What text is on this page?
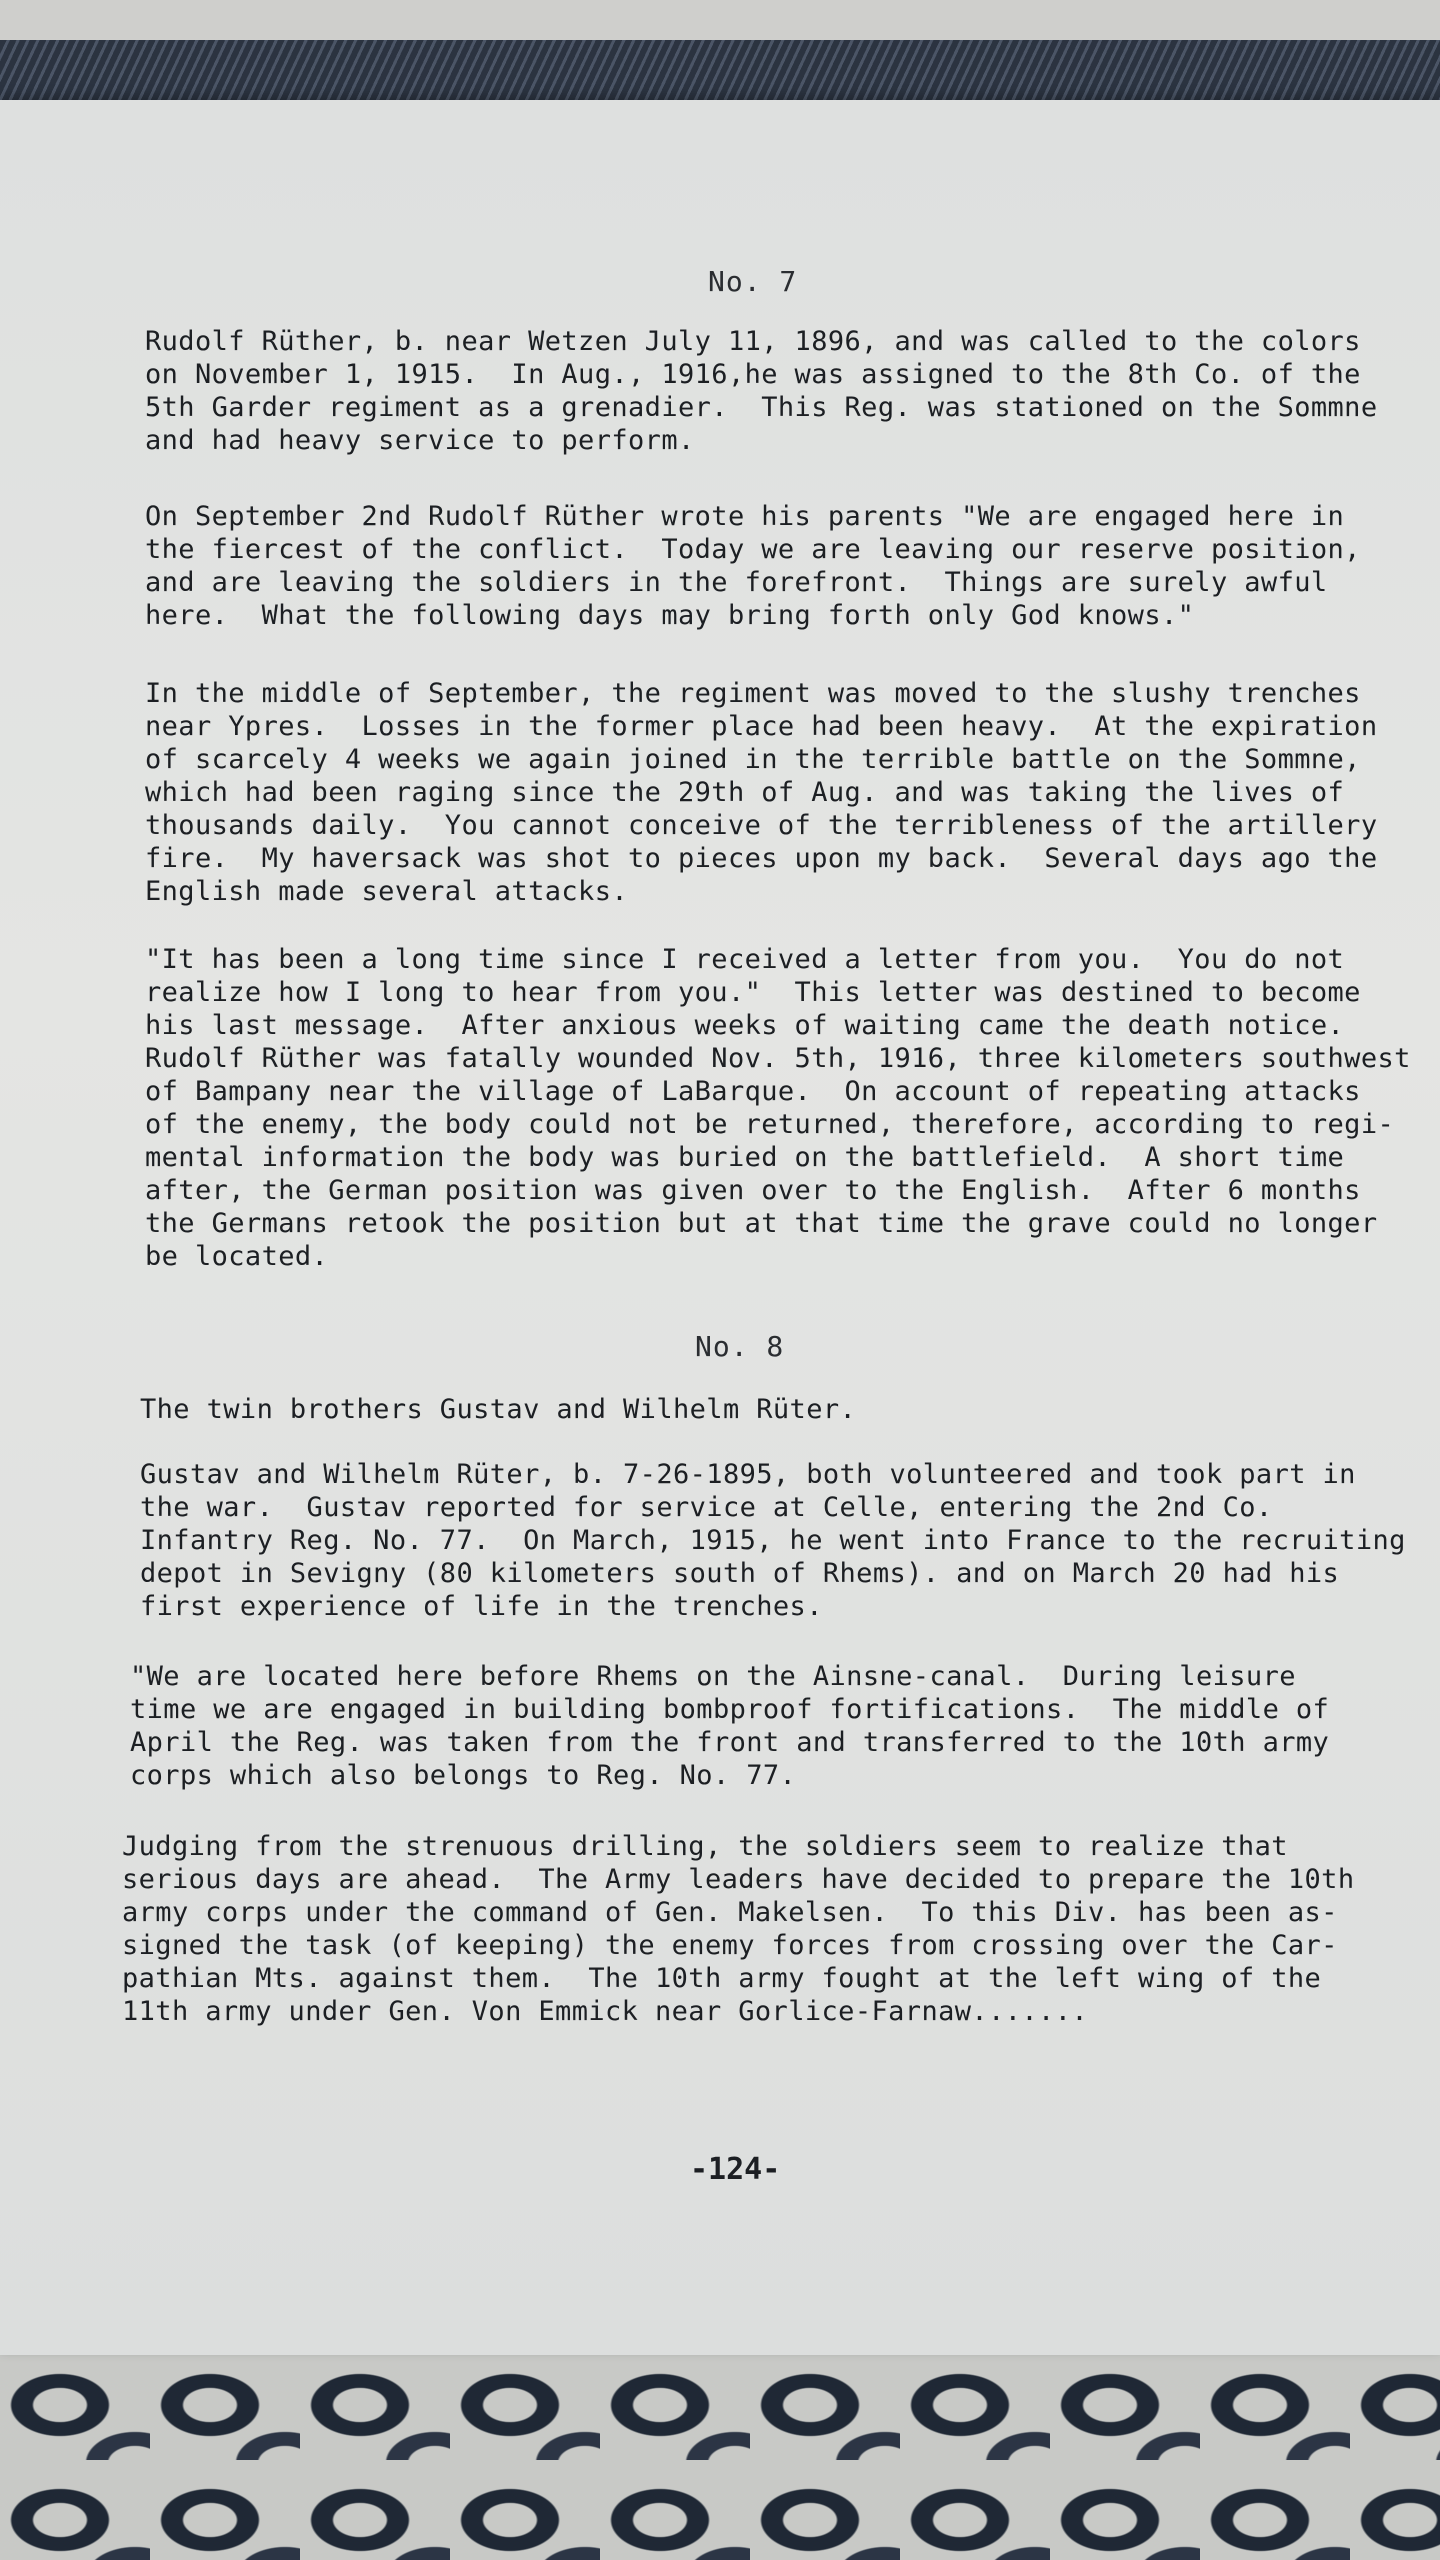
No. 7
Rudolf Rüther, b. near Wetzen July 11, 1896, and was called to the colors
on November 1, 1915.  In Aug., 1916,he was assigned to the 8th Co. of the
5th Garder regiment as a grenadier.  This Reg. was stationed on the Sommne
and had heavy service to perform.
On September 2nd Rudolf Rüther wrote his parents "We are engaged here in
the fiercest of the conflict.  Today we are leaving our reserve position,
and are leaving the soldiers in the forefront.  Things are surely awful
here.  What the following days may bring forth only God knows."
In the middle of September, the regiment was moved to the slushy trenches
near Ypres.  Losses in the former place had been heavy.  At the expiration
of scarcely 4 weeks we again joined in the terrible battle on the Sommne,
which had been raging since the 29th of Aug. and was taking the lives of
thousands daily.  You cannot conceive of the terribleness of the artillery
fire.  My haversack was shot to pieces upon my back.  Several days ago the
English made several attacks.
"It has been a long time since I received a letter from you.  You do not
realize how I long to hear from you."  This letter was destined to become
his last message.  After anxious weeks of waiting came the death notice.
Rudolf Rüther was fatally wounded Nov. 5th, 1916, three kilometers southwest
of Bampany near the village of LaBarque.  On account of repeating attacks
of the enemy, the body could not be returned, therefore, according to regi-
mental information the body was buried on the battlefield.  A short time
after, the German position was given over to the English.  After 6 months
the Germans retook the position but at that time the grave could no longer
be located.
No. 8
The twin brothers Gustav and Wilhelm Rüter.
Gustav and Wilhelm Rüter, b. 7-26-1895, both volunteered and took part in
the war.  Gustav reported for service at Celle, entering the 2nd Co.
Infantry Reg. No. 77.  On March, 1915, he went into France to the recruiting
depot in Sevigny (80 kilometers south of Rhems). and on March 20 had his
first experience of life in the trenches.
"We are located here before Rhems on the Ainsne-canal.  During leisure
time we are engaged in building bombproof fortifications.  The middle of
April the Reg. was taken from the front and transferred to the 10th army
corps which also belongs to Reg. No. 77.
Judging from the strenuous drilling, the soldiers seem to realize that
serious days are ahead.  The Army leaders have decided to prepare the 10th
army corps under the command of Gen. Makelsen.  To this Div. has been as-
signed the task (of keeping) the enemy forces from crossing over the Car-
pathian Mts. against them.  The 10th army fought at the left wing of the
11th army under Gen. Von Emmick near Gorlice-Farnaw.......
-124-
